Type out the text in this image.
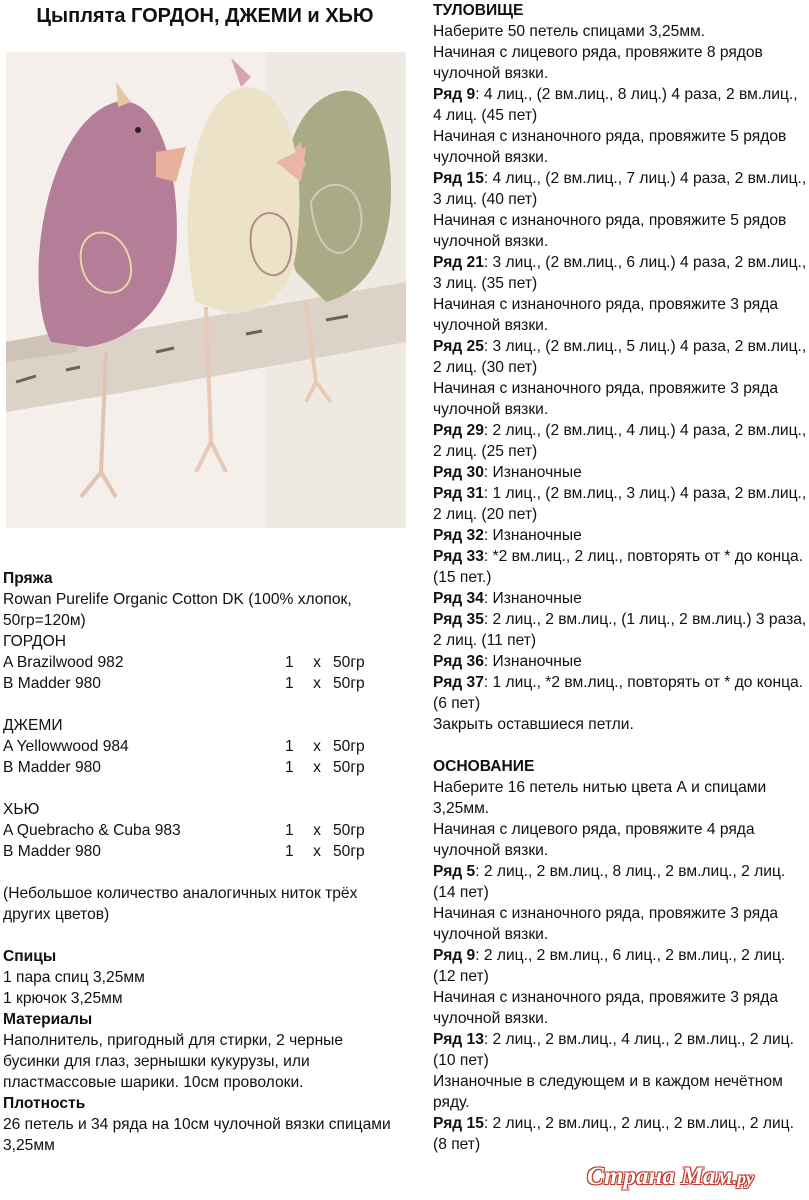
Цыплята ГОРДОН, ДЖЕМИ и ХЬЮ

Пряжа

Rowan Purelife Organic Cotton DK (100% хлопок, 50гр=120м)

ГОРДОН

A Brazilwood 982	1	x 50гр
B Madder 980	1	x 50гр

ДЖЕМИ

A Yellowwood 984	1	x 50гр
B Madder 980	1	x 50гр

ХЬЮ

A Quebracho & Cuba 983	1	x 50гр
B Madder 980	1	x 50гр

(Небольшое количество аналогичных ниток трёх других цветов)

Спицы

1 пара спиц 3,25мм

1 крючок 3,25мм

Материалы

Наполнитель, пригодный для стирки, 2 черные бусинки для глаз, зернышки кукурузы, или пластмассовые шарики. 10см проволоки.

Плотность

26 петель и 34 ряда на 10см чулочной вязки спицами 3,25мм

ТУЛОВИЩЕ

Наберите 50 петель спицами 3,25мм.

Начиная с лицевого ряда, провяжите 8 рядов чулочной вязки.

Ряд 9: 4 лиц., (2 вм.лиц., 8 лиц.) 4 раза, 2 вм.лиц., 4 лиц. (45 пет)

Начиная с изнаночного ряда, провяжите 5 рядов чулочной вязки.

Ряд 15: 4 лиц., (2 вм.лиц., 7 лиц.) 4 раза, 2 вм.лиц., 3 лиц. (40 пет)

Начиная с изнаночного ряда, провяжите 5 рядов чулочной вязки.

Ряд 21: 3 лиц., (2 вм.лиц., 6 лиц.) 4 раза, 2 вм.лиц., 3 лиц. (35 пет)

Начиная с изнаночного ряда, провяжите 3 ряда чулочной вязки.

Ряд 25: 3 лиц., (2 вм.лиц., 5 лиц.) 4 раза, 2 вм.лиц., 2 лиц. (30 пет)

Начиная с изнаночного ряда, провяжите 3 ряда чулочной вязки.

Ряд 29: 2 лиц., (2 вм.лиц., 4 лиц.) 4 раза, 2 вм.лиц., 2 лиц. (25 пет)

Ряд 30: Изнаночные

Ряд 31: 1 лиц., (2 вм.лиц., 3 лиц.) 4 раза, 2 вм.лиц., 2 лиц. (20 пет)

Ряд 32: Изнаночные

Ряд 33: *2 вм.лиц., 2 лиц., повторять от * до конца. (15 пет.)

Ряд 34: Изнаночные

Ряд 35: 2 лиц., 2 вм.лиц., (1 лиц., 2 вм.лиц.) 3 раза, 2 лиц. (11 пет)

Ряд 36: Изнаночные

Ряд 37: 1 лиц., *2 вм.лиц., повторять от * до конца. (6 пет)

Закрыть оставшиеся петли.

ОСНОВАНИЕ

Наберите 16 петель нитью цвета А и спицами 3,25мм.

Начиная с лицевого ряда, провяжите 4 ряда чулочной вязки.

Ряд 5: 2 лиц., 2 вм.лиц., 8 лиц., 2 вм.лиц., 2 лиц. (14 пет)

Начиная с изнаночного ряда, провяжите 3 ряда чулочной вязки.

Ряд 9: 2 лиц., 2 вм.лиц., 6 лиц., 2 вм.лиц., 2 лиц. (12 пет)

Начиная с изнаночного ряда, провяжите 3 ряда чулочной вязки.

Ряд 13: 2 лиц., 2 вм.лиц., 4 лиц., 2 вм.лиц., 2 лиц. (10 пет)

Изнаночные в следующем и в каждом нечётном ряду.

Ряд 15: 2 лиц., 2 вм.лиц., 2 лиц., 2 вм.лиц., 2 лиц. (8 пет)

Страна Мам.ру
